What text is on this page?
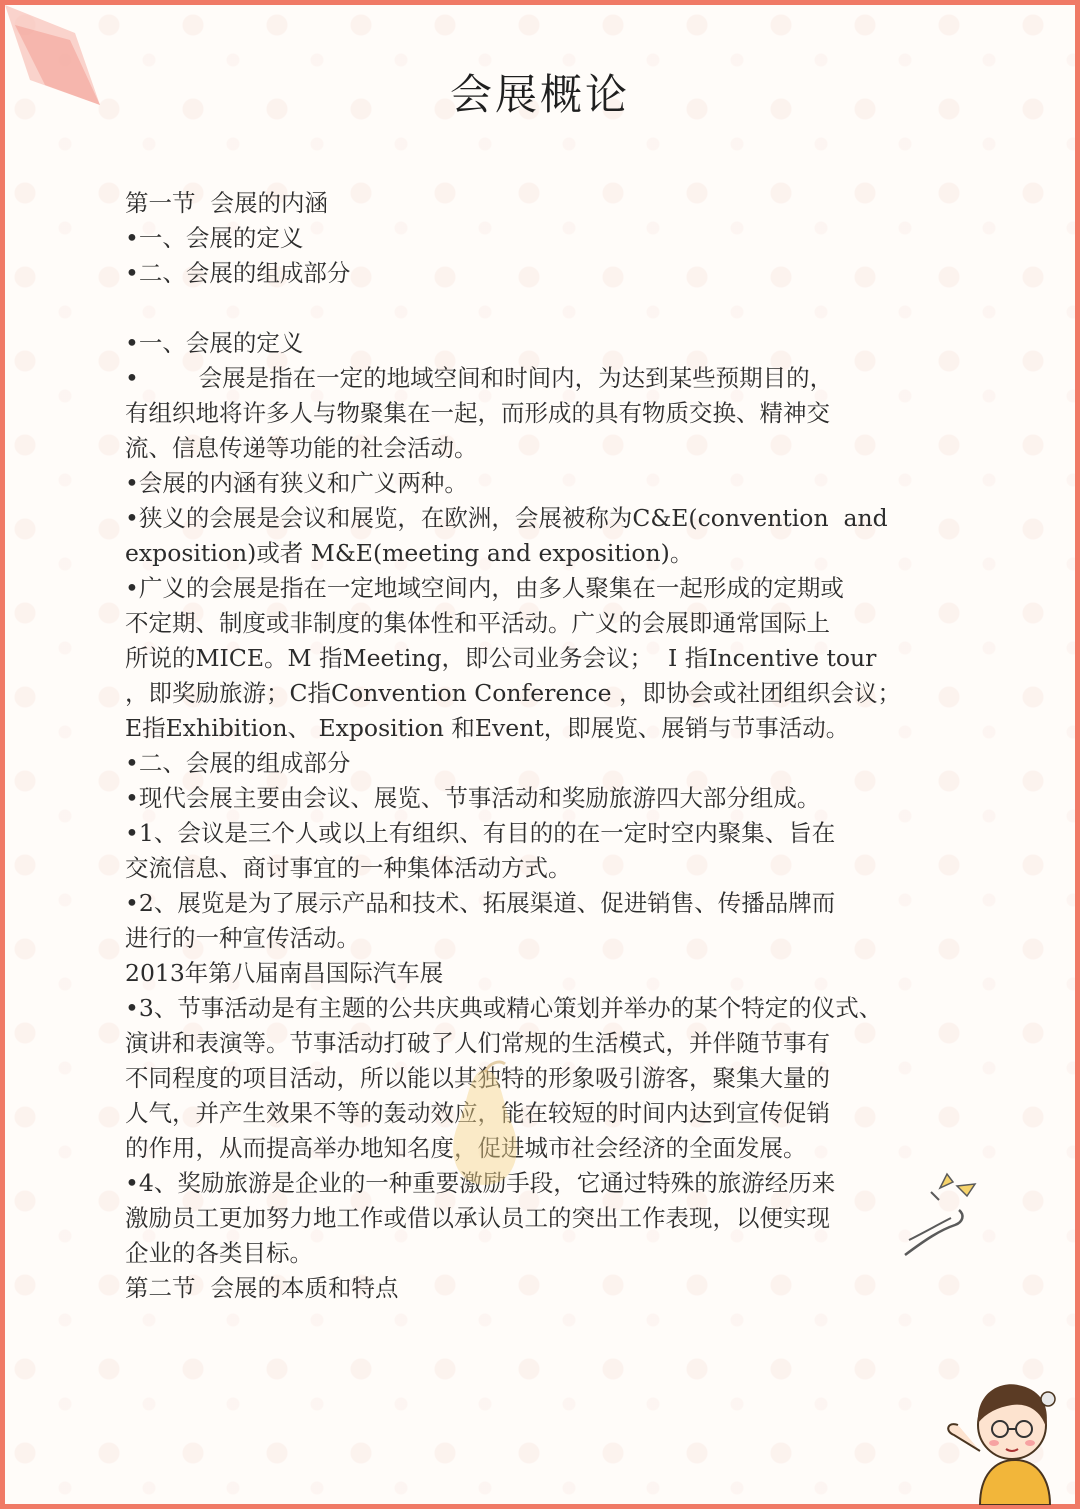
会展概论
第一节  会展的内涵
•一、会展的定义
•二、会展的组成部分
•一、会展的定义
•        会展是指在一定的地域空间和时间内，为达到某些预期目的，
有组织地将许多人与物聚集在一起，而形成的具有物质交换、精神交
流、信息传递等功能的社会活动。
•会展的内涵有狭义和广义两种。
•狭义的会展是会议和展览，在欧洲，会展被称为C&E(convention  and
exposition)或者 M&E(meeting and exposition)。
•广义的会展是指在一定地域空间内，由多人聚集在一起形成的定期或
不定期、制度或非制度的集体性和平活动。广义的会展即通常国际上
所说的MICE。M 指Meeting，即公司业务会议；  I 指Incentive tour
，即奖励旅游；C指Convention Conference ，即协会或社团组织会议；
E指Exhibition、 Exposition 和Event，即展览、展销与节事活动。
•二、会展的组成部分
•现代会展主要由会议、展览、节事活动和奖励旅游四大部分组成。
•1、会议是三个人或以上有组织、有目的的在一定时空内聚集、旨在
交流信息、商讨事宜的一种集体活动方式。
•2、展览是为了展示产品和技术、拓展渠道、促进销售、传播品牌而
进行的一种宣传活动。
2013年第八届南昌国际汽车展
•3、节事活动是有主题的公共庆典或精心策划并举办的某个特定的仪式、
演讲和表演等。节事活动打破了人们常规的生活模式，并伴随节事有
不同程度的项目活动，所以能以其独特的形象吸引游客，聚集大量的
人气，并产生效果不等的轰动效应，能在较短的时间内达到宣传促销
的作用，从而提高举办地知名度，促进城市社会经济的全面发展。
•4、奖励旅游是企业的一种重要激励手段，它通过特殊的旅游经历来
激励员工更加努力地工作或借以承认员工的突出工作表现，以便实现
企业的各类目标。
第二节  会展的本质和特点
